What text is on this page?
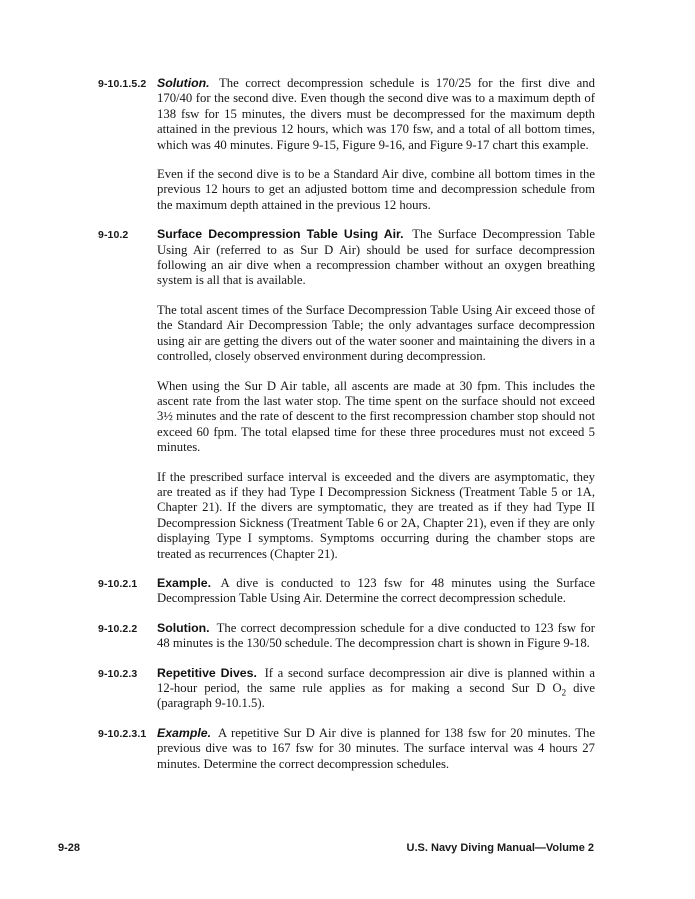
9-10.1.5.2 Solution. The correct decompression schedule is 170/25 for the first dive and 170/40 for the second dive. Even though the second dive was to a maximum depth of 138 fsw for 15 minutes, the divers must be decompressed for the maximum depth attained in the previous 12 hours, which was 170 fsw, and a total of all bottom times, which was 40 minutes. Figure 9-15, Figure 9-16, and Figure 9-17 chart this example.
Even if the second dive is to be a Standard Air dive, combine all bottom times in the previous 12 hours to get an adjusted bottom time and decompression schedule from the maximum depth attained in the previous 12 hours.
9-10.2	Surface Decompression Table Using Air. The Surface Decompression Table Using Air (referred to as Sur D Air) should be used for surface decompression following an air dive when a recompression chamber without an oxygen breathing system is all that is available.
The total ascent times of the Surface Decompression Table Using Air exceed those of the Standard Air Decompression Table; the only advantages surface decompression using air are getting the divers out of the water sooner and maintaining the divers in a controlled, closely observed environment during decompression.
When using the Sur D Air table, all ascents are made at 30 fpm. This includes the ascent rate from the last water stop. The time spent on the surface should not exceed 3½ minutes and the rate of descent to the first recompression chamber stop should not exceed 60 fpm. The total elapsed time for these three procedures must not exceed 5 minutes.
If the prescribed surface interval is exceeded and the divers are asymptomatic, they are treated as if they had Type I Decompression Sickness (Treatment Table 5 or 1A, Chapter 21). If the divers are symptomatic, they are treated as if they had Type II Decompression Sickness (Treatment Table 6 or 2A, Chapter 21), even if they are only displaying Type I symptoms. Symptoms occurring during the chamber stops are treated as recurrences (Chapter 21).
9-10.2.1	Example. A dive is conducted to 123 fsw for 48 minutes using the Surface Decompression Table Using Air. Determine the correct decompression schedule.
9-10.2.2	Solution. The correct decompression schedule for a dive conducted to 123 fsw for 48 minutes is the 130/50 schedule. The decompression chart is shown in Figure 9-18.
9-10.2.3	Repetitive Dives. If a second surface decompression air dive is planned within a 12-hour period, the same rule applies as for making a second Sur D $O_2$ dive (paragraph 9-10.1.5).
9-10.2.3.1 Example. A repetitive Sur D Air dive is planned for 138 fsw for 20 minutes. The previous dive was to 167 fsw for 30 minutes. The surface interval was 4 hours 27 minutes. Determine the correct decompression schedules.
9-28	U.S. Navy Diving Manual—Volume 2
